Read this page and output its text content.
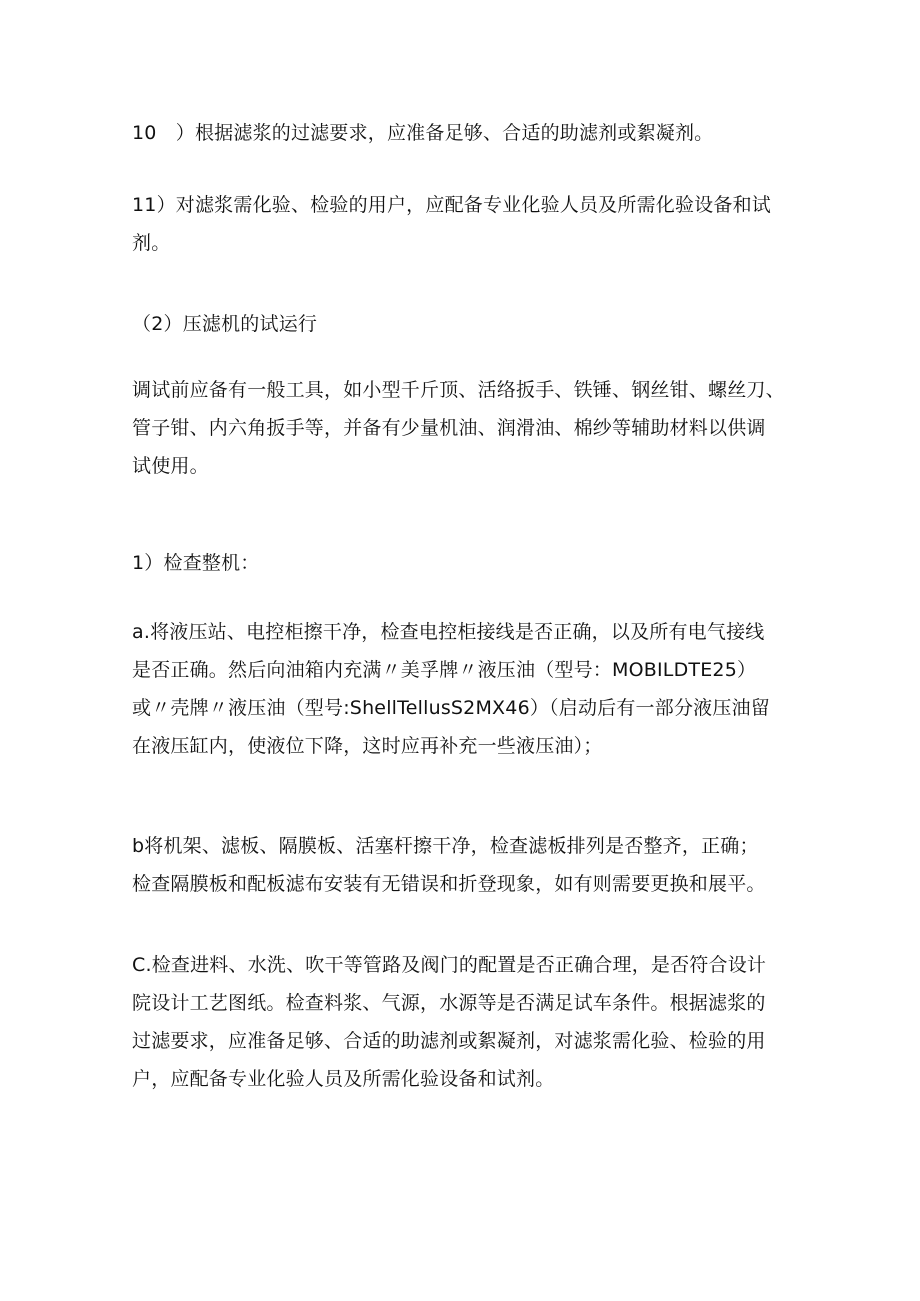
10　）根据滤浆的过滤要求，应准备足够、合适的助滤剂或絮凝剂。

11）对滤浆需化验、检验的用户，应配备专业化验人员及所需化验设备和试
剂。

（2）压滤机的试运行

调试前应备有一般工具，如小型千斤顶、活络扳手、铁锤、钢丝钳、螺丝刀、
管子钳、内六角扳手等，并备有少量机油、润滑油、棉纱等辅助材料以供调
试使用。

1）检查整机：

a.将液压站、电控柜擦干净，检查电控柜接线是否正确，以及所有电气接线
是否正确。然后向油箱内充满〃美孚牌〃液压油（型号：MOBILDTE25）
或〃壳牌〃液压油（型号:ShellTellusS2MX46）（启动后有一部分液压油留
在液压缸内，使液位下降，这时应再补充一些液压油）；

b将机架、滤板、隔膜板、活塞杆擦干净，检查滤板排列是否整齐，正确；
检查隔膜板和配板滤布安装有无错误和折登现象，如有则需要更换和展平。

C.检查进料、水洗、吹干等管路及阀门的配置是否正确合理，是否符合设计
院设计工艺图纸。检查料浆、气源，水源等是否满足试车条件。根据滤浆的
过滤要求，应准备足够、合适的助滤剂或絮凝剂，对滤浆需化验、检验的用
户，应配备专业化验人员及所需化验设备和试剂。
